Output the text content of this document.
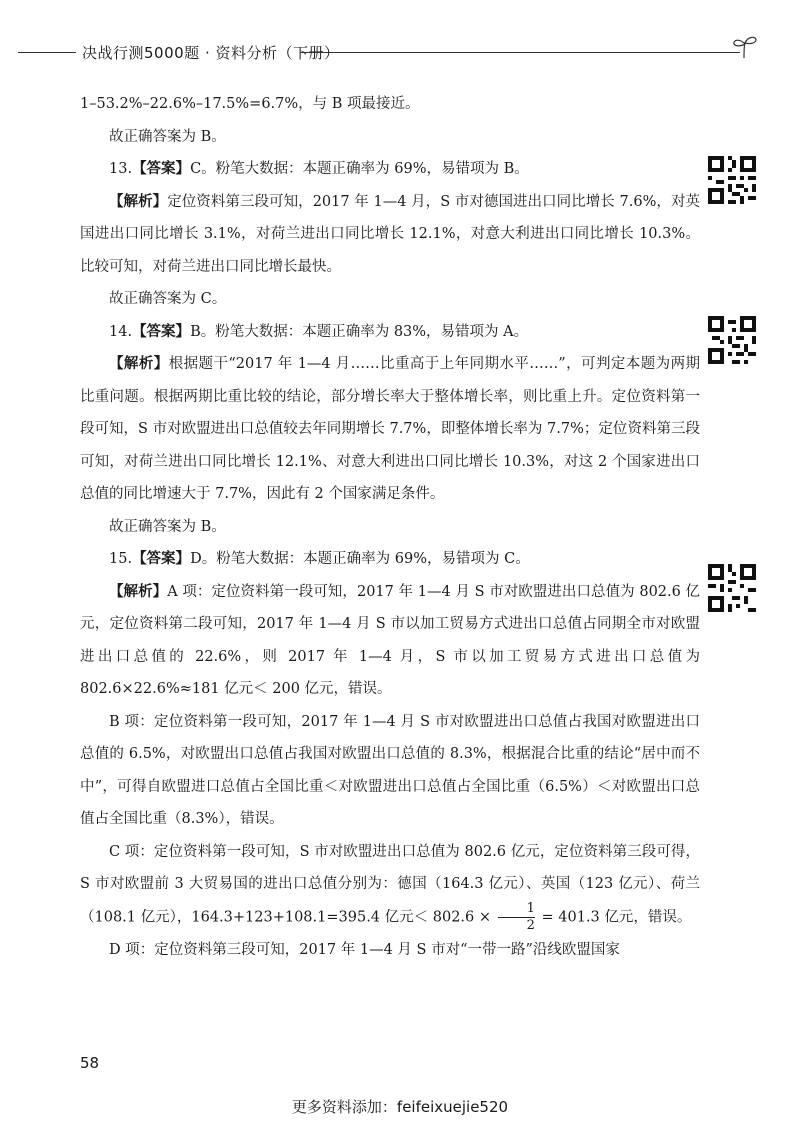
决战行测5000题 · 资料分析（下册）

1–53.2%–22.6%–17.5%=6.7%，与 B 项最接近。

故正确答案为 B。

13.【答案】C。粉笔大数据：本题正确率为 69%，易错项为 B。

【解析】定位资料第三段可知，2017 年 1—4 月，S 市对德国进出口同比增长 7.6%，对英国进出口同比增长 3.1%，对荷兰进出口同比增长 12.1%，对意大利进出口同比增长 10.3%。比较可知，对荷兰进出口同比增长最快。

故正确答案为 C。

14.【答案】B。粉笔大数据：本题正确率为 83%，易错项为 A。

【解析】根据题干“2017 年 1—4 月……比重高于上年同期水平……”，可判定本题为两期比重问题。根据两期比重比较的结论，部分增长率大于整体增长率，则比重上升。定位资料第一段可知，S 市对欧盟进出口总值较去年同期增长 7.7%，即整体增长率为 7.7%；定位资料第三段可知，对荷兰进出口同比增长 12.1%、对意大利进出口同比增长 10.3%，对这 2 个国家进出口总值的同比增速大于 7.7%，因此有 2 个国家满足条件。

故正确答案为 B。

15.【答案】D。粉笔大数据：本题正确率为 69%，易错项为 C。

【解析】A 项：定位资料第一段可知，2017 年 1—4 月 S 市对欧盟进出口总值为 802.6 亿元，定位资料第二段可知，2017 年 1—4 月 S 市以加工贸易方式进出口总值占同期全市对欧盟进出口总值的 22.6%，则 2017 年 1—4 月，S 市以加工贸易方式进出口总值为 802.6×22.6%≈181 亿元＜ 200 亿元，错误。

B 项：定位资料第一段可知，2017 年 1—4 月 S 市对欧盟进出口总值占我国对欧盟进出口总值的 6.5%，对欧盟出口总值占我国对欧盟出口总值的 8.3%，根据混合比重的结论“居中而不中”，可得自欧盟进口总值占全国比重＜对欧盟进出口总值占全国比重（6.5%）＜对欧盟出口总值占全国比重（8.3%），错误。

C 项：定位资料第一段可知，S 市对欧盟进出口总值为 802.6 亿元，定位资料第三段可得，S 市对欧盟前 3 大贸易国的进出口总值分别为：德国（164.3 亿元）、英国（123 亿元）、荷兰（108.1 亿元），164.3+123+108.1=395.4 亿元＜ $802.6 \times \frac{1}{2} = 401.3$ 亿元，错误。

D 项：定位资料第三段可知，2017 年 1—4 月 S 市对“一带一路”沿线欧盟国家

58
更多资料添加：feifeixuejie520
